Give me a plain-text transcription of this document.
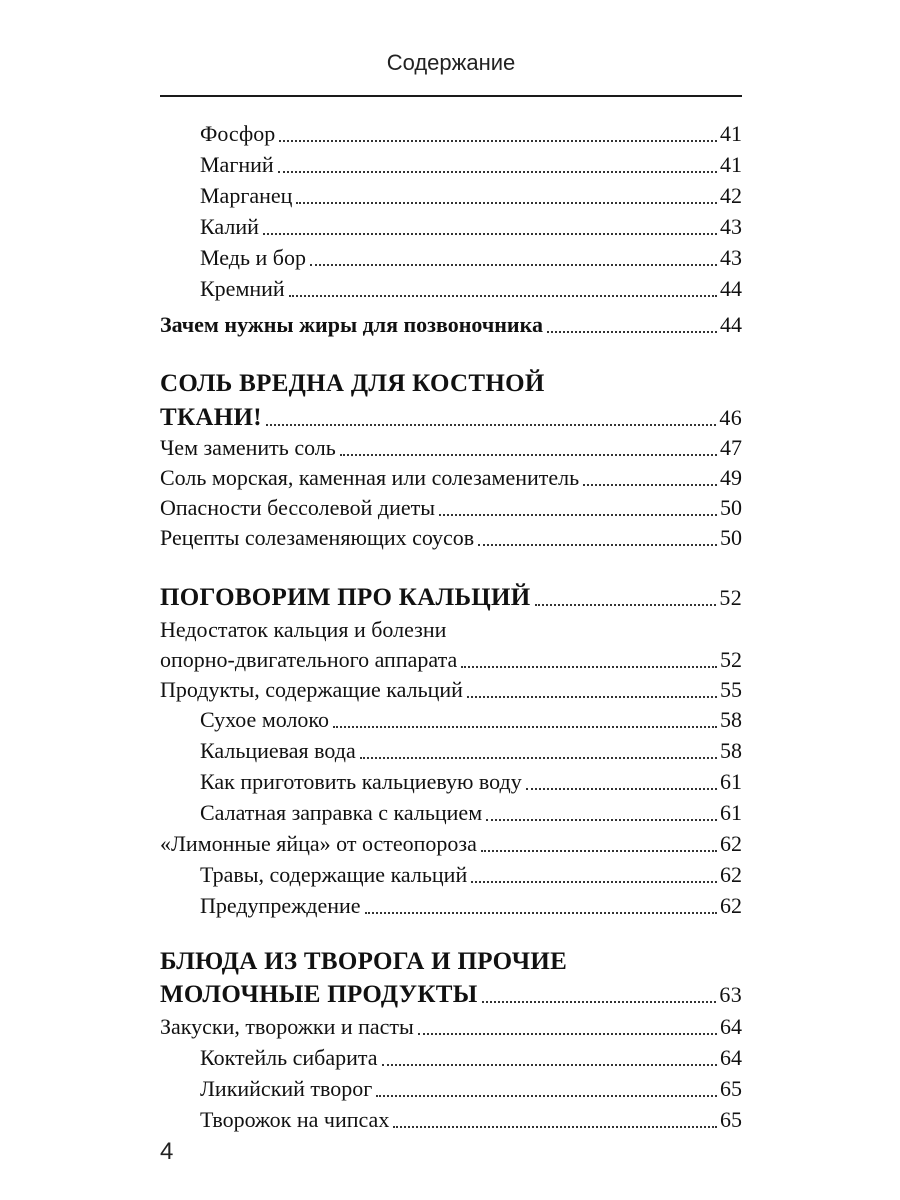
Содержание
Фосфор	41
Магний	41
Марганец	42
Калий	43
Медь и бор	43
Кремний	44
Зачем нужны жиры для позвоночника	44
СОЛЬ ВРЕДНА ДЛЯ КОСТНОЙ
ТКАНИ!	46
Чем заменить соль	47
Соль морская, каменная или солезаменитель	49
Опасности бессолевой диеты	50
Рецепты солезаменяющих соусов	50
ПОГОВОРИМ ПРО КАЛЬЦИЙ	52
Недостаток кальция и болезни
опорно-двигательного аппарата	52
Продукты, содержащие кальций	55
Сухое молоко	58
Кальциевая вода	58
Как приготовить кальциевую воду	61
Салатная заправка с кальцием	61
«Лимонные яйца» от остеопороза	62
Травы, содержащие кальций	62
Предупреждение	62
БЛЮДА ИЗ ТВОРОГА И ПРОЧИЕ
МОЛОЧНЫЕ ПРОДУКТЫ	63
Закуски, творожки и пасты	64
Коктейль сибарита	64
Ликийский творог	65
Творожок на чипсах	65
4
